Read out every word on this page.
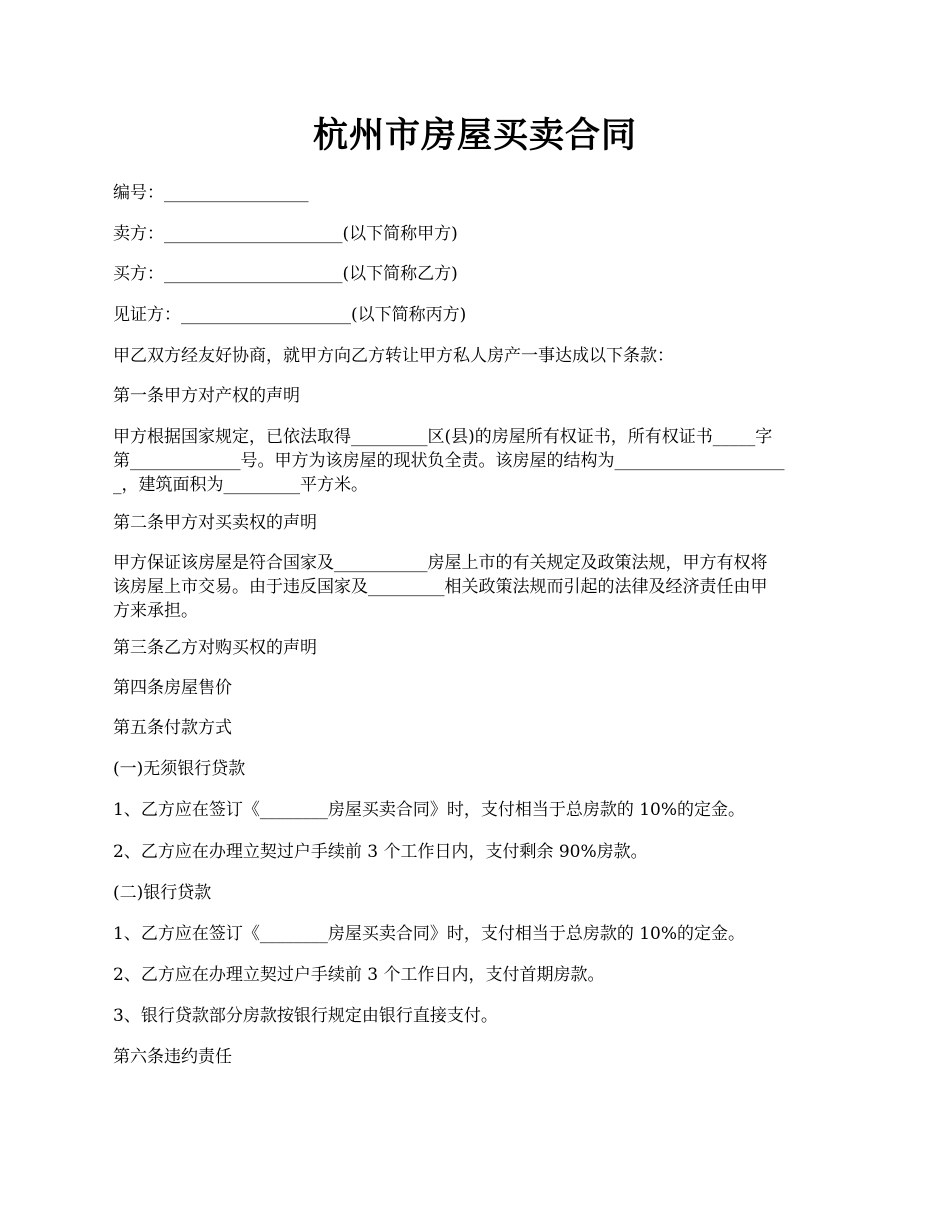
杭州市房屋买卖合同
编号：_________________
卖方：_____________________(以下简称甲方)
买方：_____________________(以下简称乙方)
见证方：____________________(以下简称丙方)
甲乙双方经友好协商，就甲方向乙方转让甲方私人房产一事达成以下条款：
第一条甲方对产权的声明
甲方根据国家规定，已依法取得_________区(县)的房屋所有权证书，所有权证书_____字
第_____________号。甲方为该房屋的现状负全责。该房屋的结构为____________________
_，建筑面积为_________平方米。
第二条甲方对买卖权的声明
甲方保证该房屋是符合国家及___________房屋上市的有关规定及政策法规，甲方有权将
该房屋上市交易。由于违反国家及_________相关政策法规而引起的法律及经济责任由甲
方来承担。
第三条乙方对购买权的声明
第四条房屋售价
第五条付款方式
(一)无须银行贷款
1、乙方应在签订《________房屋买卖合同》时，支付相当于总房款的 10%的定金。
2、乙方应在办理立契过户手续前 3 个工作日内，支付剩余 90%房款。
(二)银行贷款
1、乙方应在签订《________房屋买卖合同》时，支付相当于总房款的 10%的定金。
2、乙方应在办理立契过户手续前 3 个工作日内，支付首期房款。
3、银行贷款部分房款按银行规定由银行直接支付。
第六条违约责任
